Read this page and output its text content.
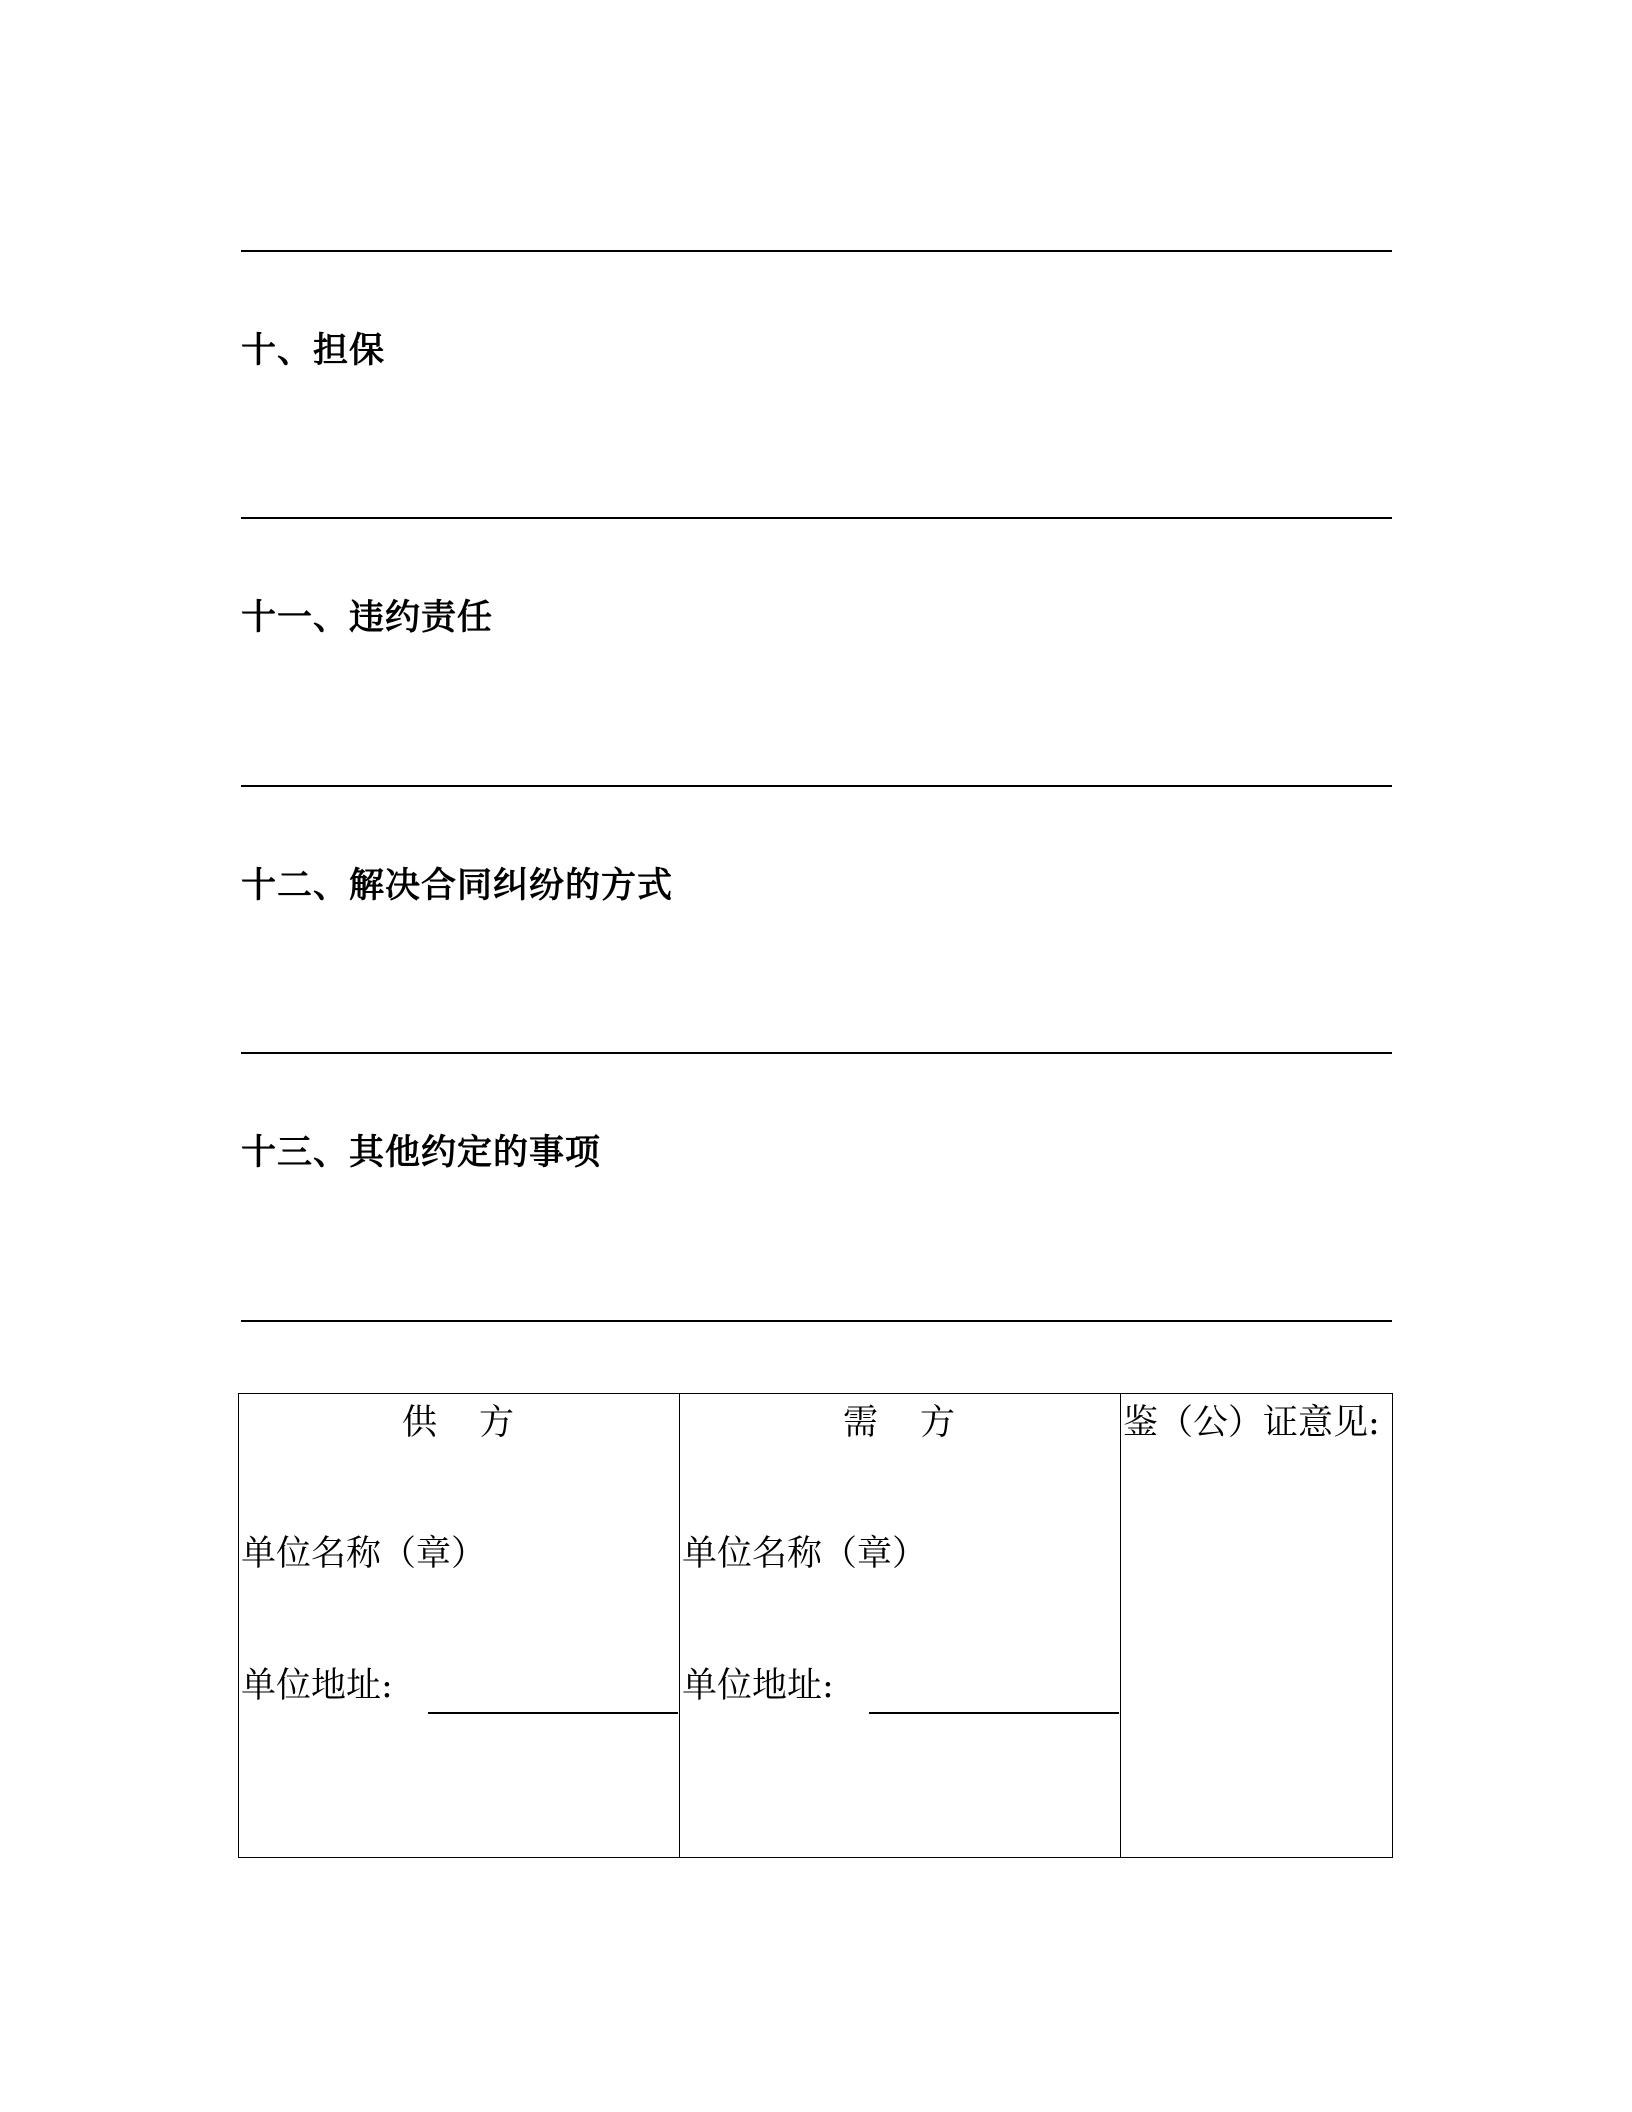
十、担保
十一、违约责任
十二、解决合同纠纷的方式
十三、其他约定的事项
供 方
单位名称（章）
单位地址:
需 方
单位名称（章）
单位地址:
鉴（公）证意见:
